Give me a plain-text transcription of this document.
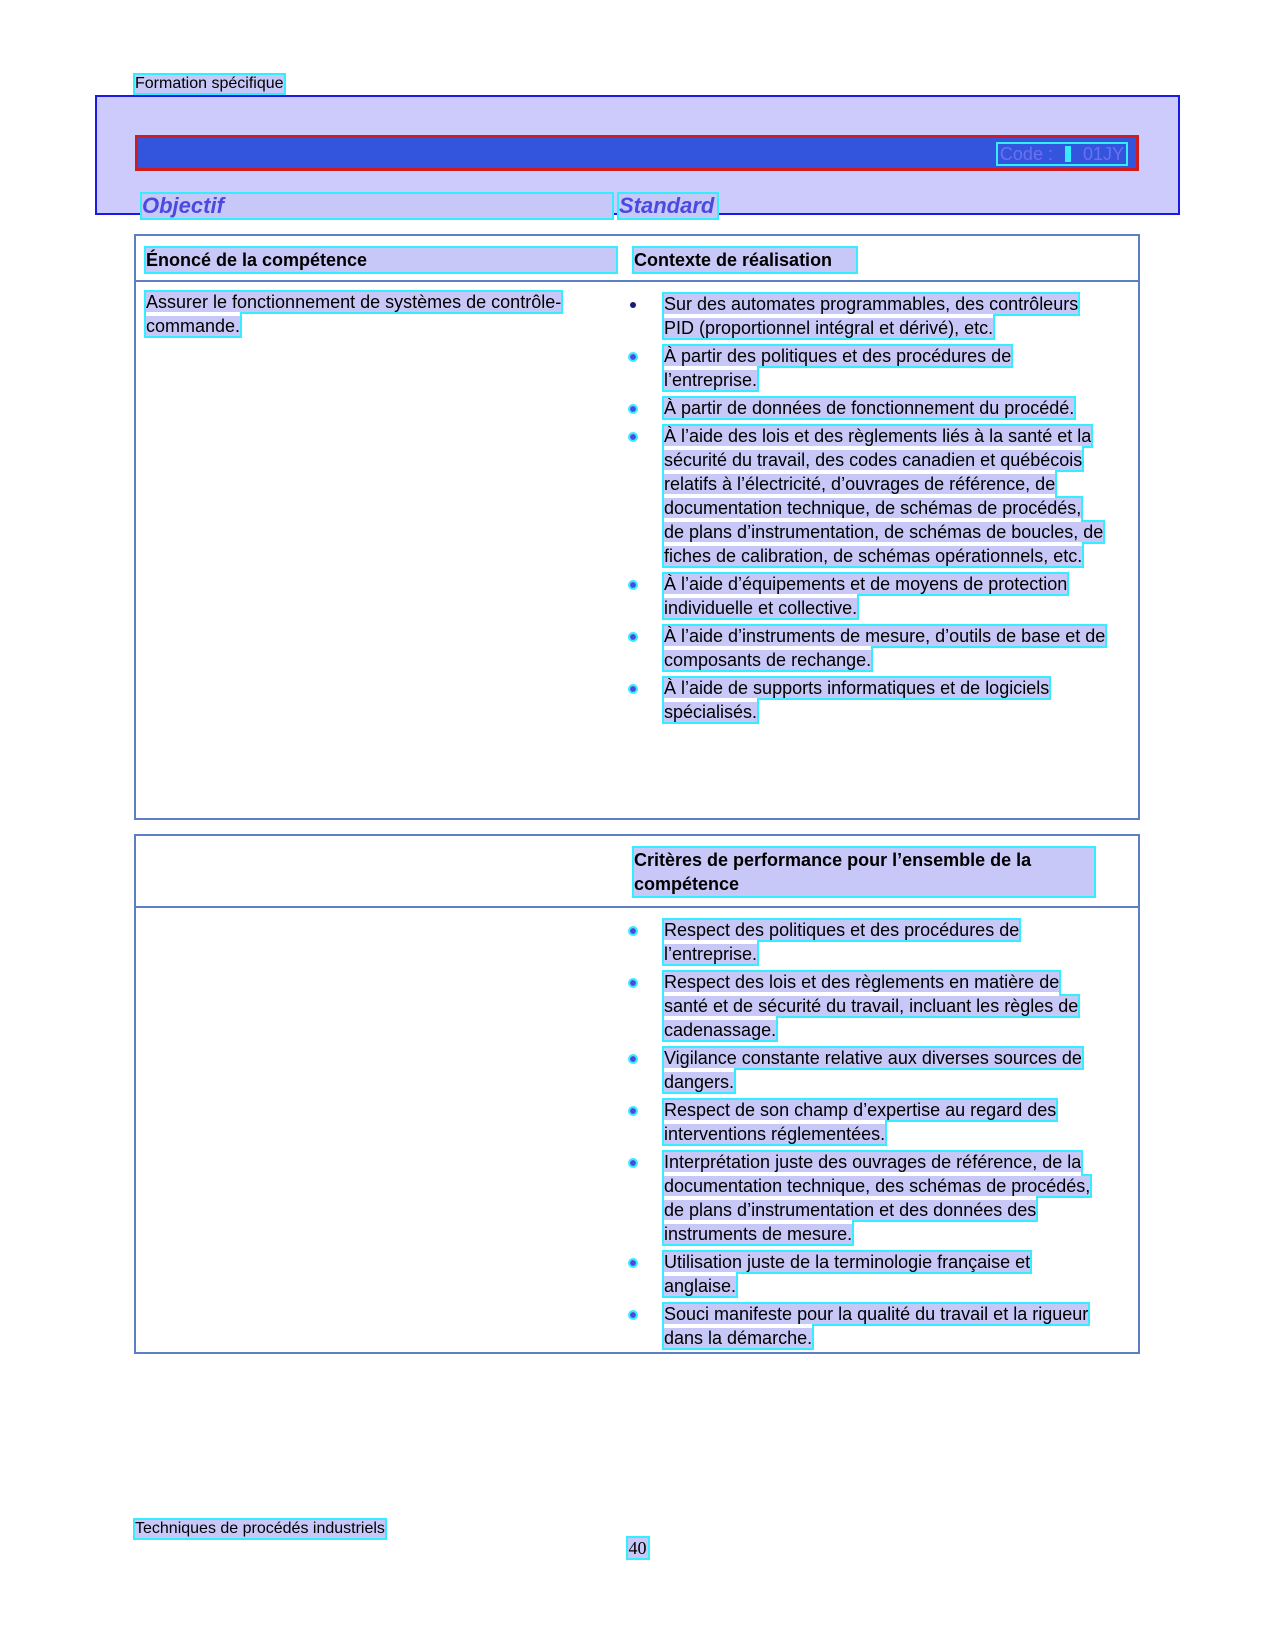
Formation spécifique
Code : 01JY
Objectif	Standard
Énoncé de la compétence	Contexte de réalisation
Assurer le fonctionnement de systèmes de contrôle-commande.
Sur des automates programmables, des contrôleurs PID (proportionnel intégral et dérivé), etc.
À partir des politiques et des procédures de l’entreprise.
À partir de données de fonctionnement du procédé.
À l’aide des lois et des règlements liés à la santé et la sécurité du travail, des codes canadien et québécois relatifs à l’électricité, d’ouvrages de référence, de documentation technique, de schémas de procédés, de plans d’instrumentation, de schémas de boucles, de fiches de calibration, de schémas opérationnels, etc.
À l’aide d’équipements et de moyens de protection individuelle et collective.
À l’aide d’instruments de mesure, d’outils de base et de composants de rechange.
À l’aide de supports informatiques et de logiciels spécialisés.
Critères de performance pour l’ensemble de la compétence
Respect des politiques et des procédures de l’entreprise.
Respect des lois et des règlements en matière de santé et de sécurité du travail, incluant les règles de cadenassage.
Vigilance constante relative aux diverses sources de dangers.
Respect de son champ d’expertise au regard des interventions réglementées.
Interprétation juste des ouvrages de référence, de la documentation technique, des schémas de procédés, de plans d’instrumentation et des données des instruments de mesure.
Utilisation juste de la terminologie française et anglaise.
Souci manifeste pour la qualité du travail et la rigueur dans la démarche.
Techniques de procédés industriels
40
